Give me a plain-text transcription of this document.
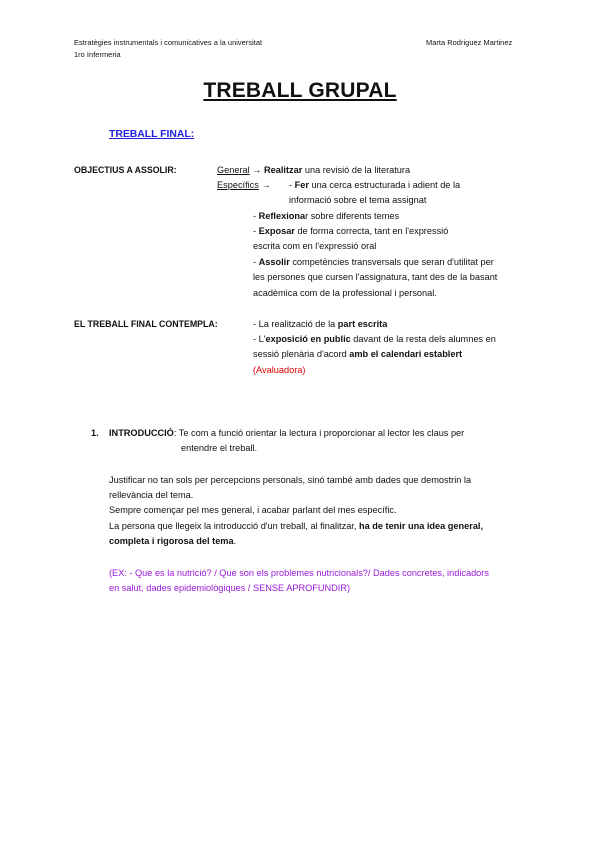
Estratègies instrumentals i comunicatives a la universitat
1ro Infermeria
Marta Rodriguez Martinez
TREBALL GRUPAL
TREBALL FINAL:
OBJECTIUS A ASSOLIR:	General → Realitzar una revisió de la literatura
Específics → - Fer una cerca estructurada i adient de la
informació sobre el tema assignat
- Reflexionar sobre diferents temes
- Exposar de forma correcta, tant en l'expressió
escrita com en l'expressió oral
- Assolir competències transversals que seran d'utilitat per
les persones que cursen l'assignatura, tant des de la basant
acadèmica com de la professional i personal.
EL TREBALL FINAL CONTEMPLA:	- La realització de la part escrita
- L'exposició en public davant de la resta dels alumnes en
sessió plenària d'acord amb el calendari establert
(Avaluadora)
1. INTRODUCCIÓ: Te com a funció orientar la lectura i proporcionar al lector les claus per
entendre el treball.
Justificar no tan sols per percepcions personals, sinó també amb dades que demostrin la
rellevància del tema.
Sempre començar pel mes general, i acabar parlant del mes específic.
La persona que llegeix la introducció d'un treball, al finalitzar, ha de tenir una idea general,
completa i rigorosa del tema.
(EX: - Que es la nutrició? / Que son els problemes nutricionals?/ Dades concretes, indicadors
en salut, dades epidemiològiques / SENSE APROFUNDIR)
